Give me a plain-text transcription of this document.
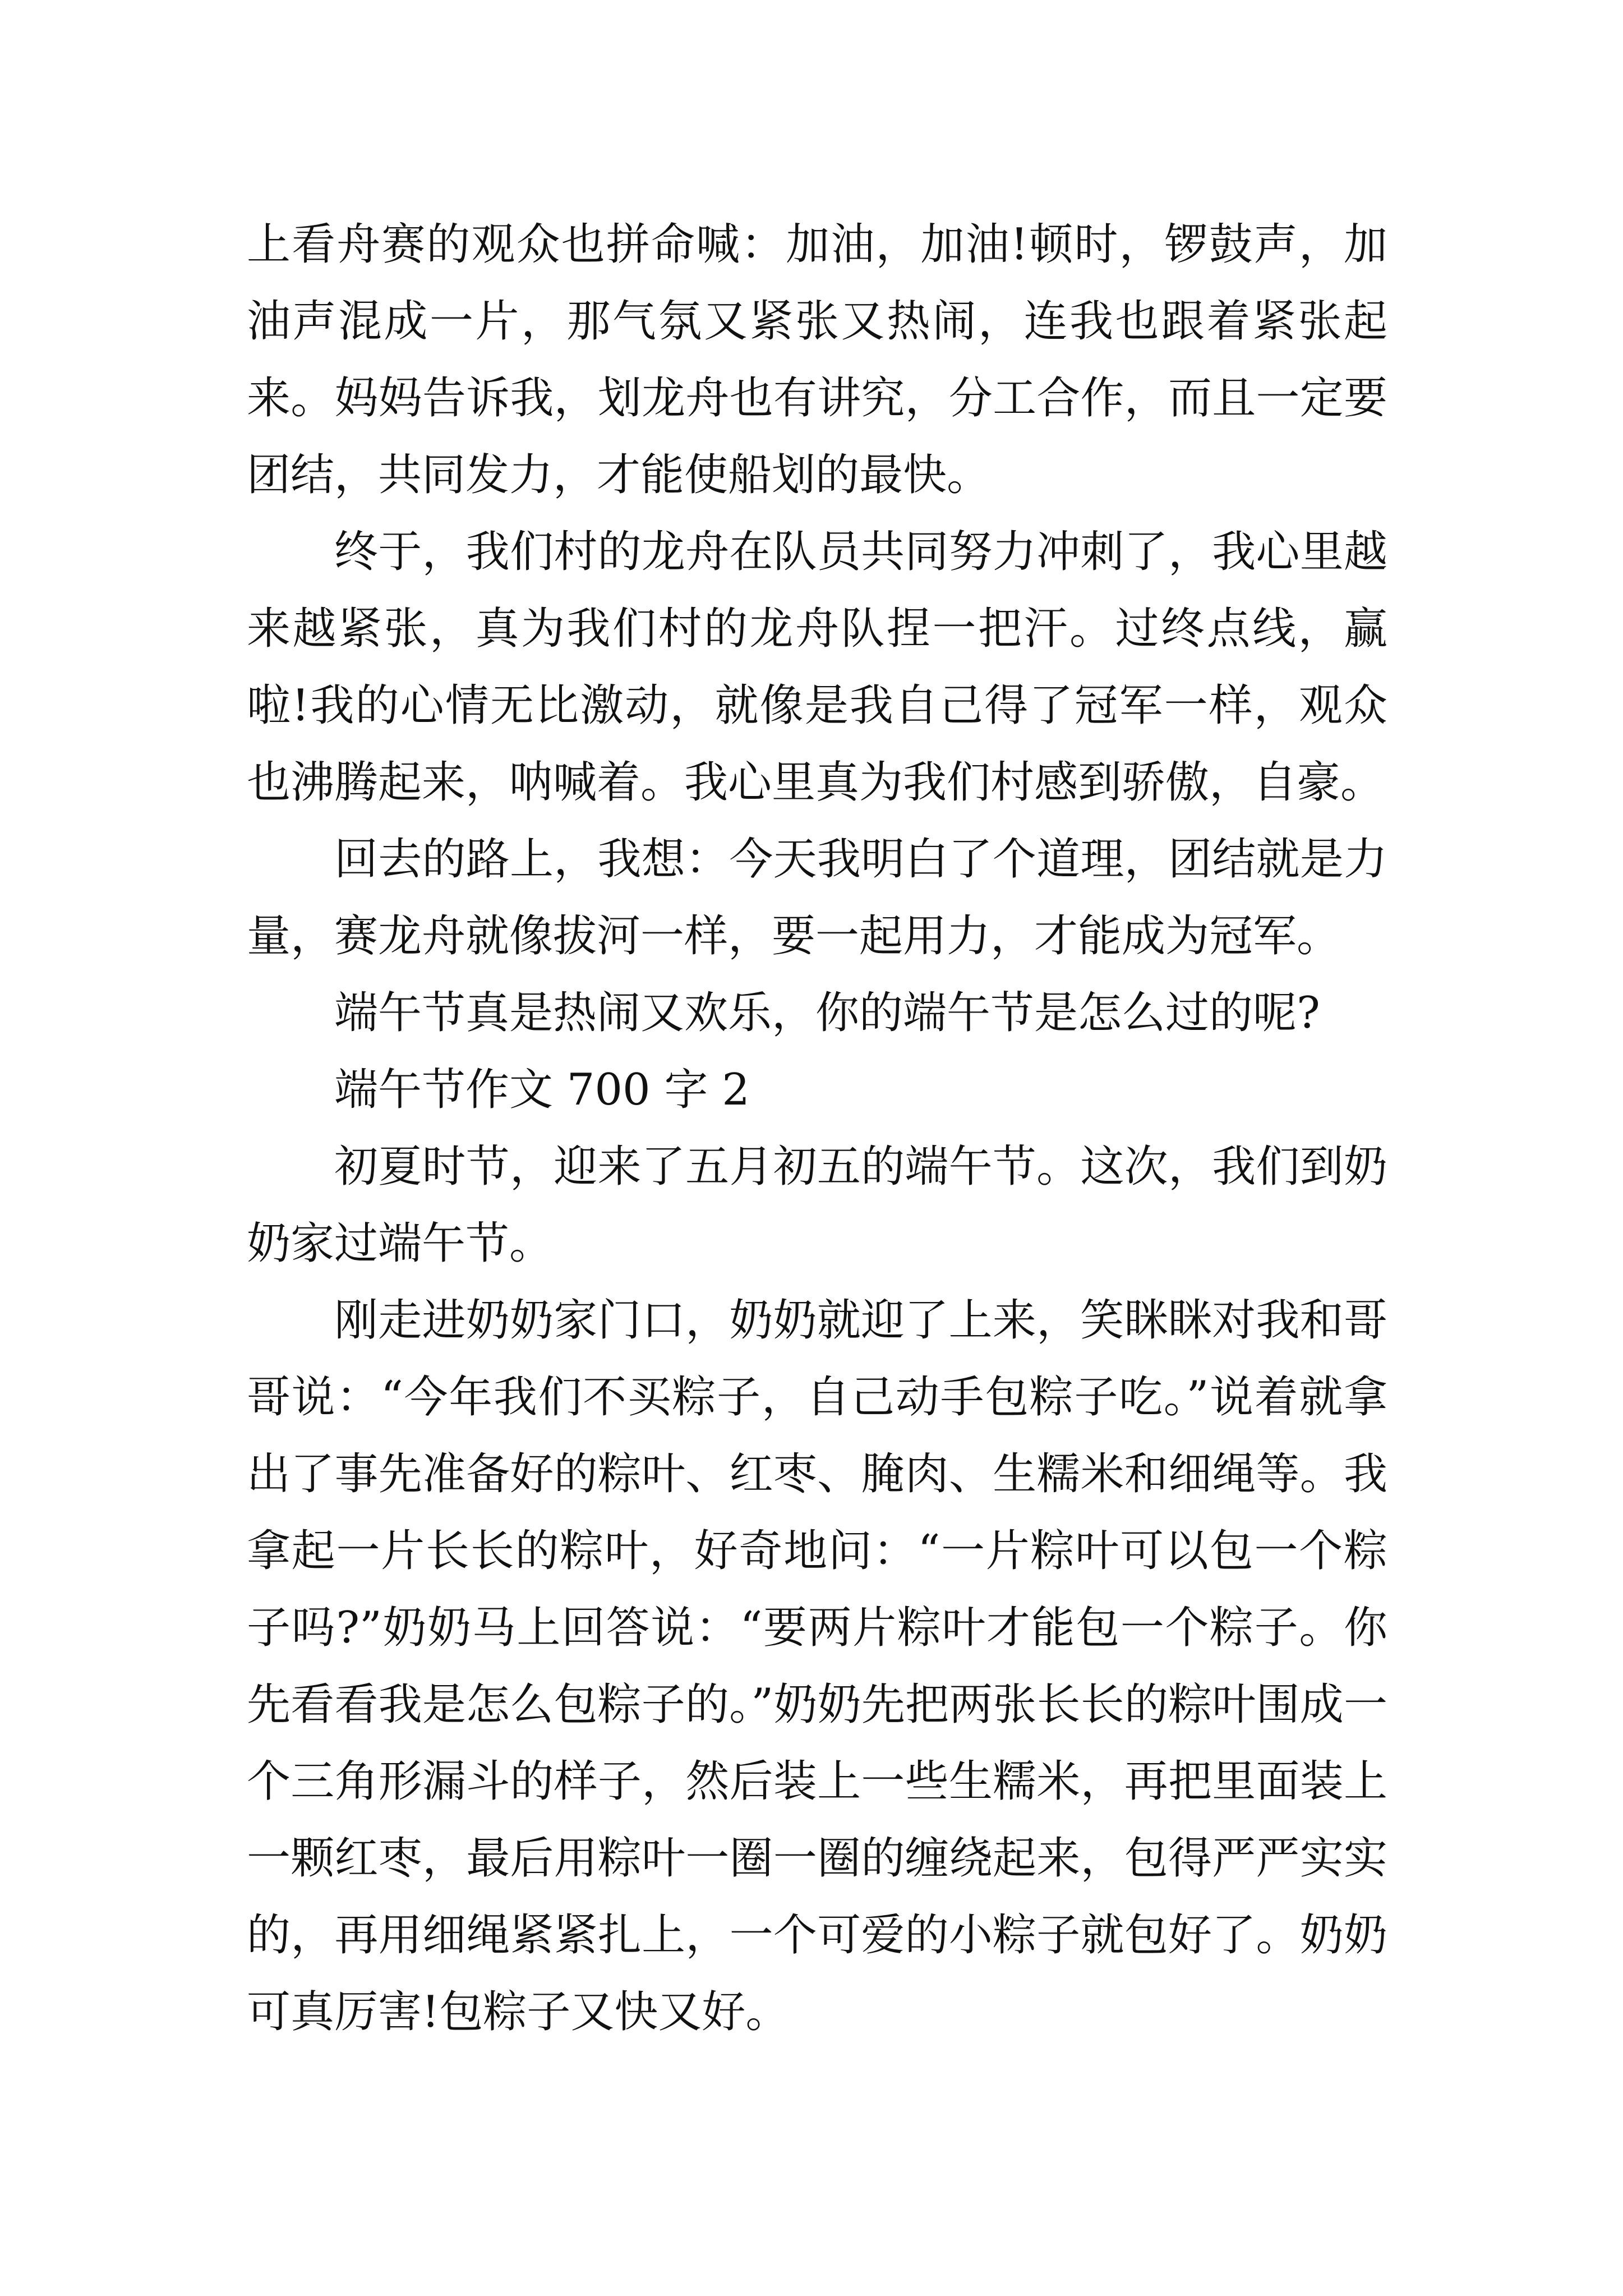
上看舟赛的观众也拼命喊：加油，加油!顿时，锣鼓声，加油声混成一片，那气氛又紧张又热闹，连我也跟着紧张起来。妈妈告诉我，划龙舟也有讲究，分工合作，而且一定要团结，共同发力，才能使船划的最快。

终于，我们村的龙舟在队员共同努力冲刺了，我心里越来越紧张，真为我们村的龙舟队捏一把汗。过终点线，赢啦!我的心情无比激动，就像是我自己得了冠军一样，观众也沸腾起来，呐喊着。我心里真为我们村感到骄傲，自豪。

回去的路上，我想：今天我明白了个道理，团结就是力量，赛龙舟就像拔河一样，要一起用力，才能成为冠军。

端午节真是热闹又欢乐，你的端午节是怎么过的呢?

端午节作文 700 字 2

初夏时节，迎来了五月初五的端午节。这次，我们到奶奶家过端午节。

刚走进奶奶家门口，奶奶就迎了上来，笑眯眯对我和哥哥说：“今年我们不买粽子，自己动手包粽子吃。”说着就拿出了事先准备好的粽叶、红枣、腌肉、生糯米和细绳等。我拿起一片长长的粽叶，好奇地问：“一片粽叶可以包一个粽子吗?”奶奶马上回答说：“要两片粽叶才能包一个粽子。你先看看我是怎么包粽子的。”奶奶先把两张长长的粽叶围成一个三角形漏斗的样子，然后装上一些生糯米，再把里面装上一颗红枣，最后用粽叶一圈一圈的缠绕起来，包得严严实实的，再用细绳紧紧扎上，一个可爱的小粽子就包好了。奶奶可真厉害!包粽子又快又好。
